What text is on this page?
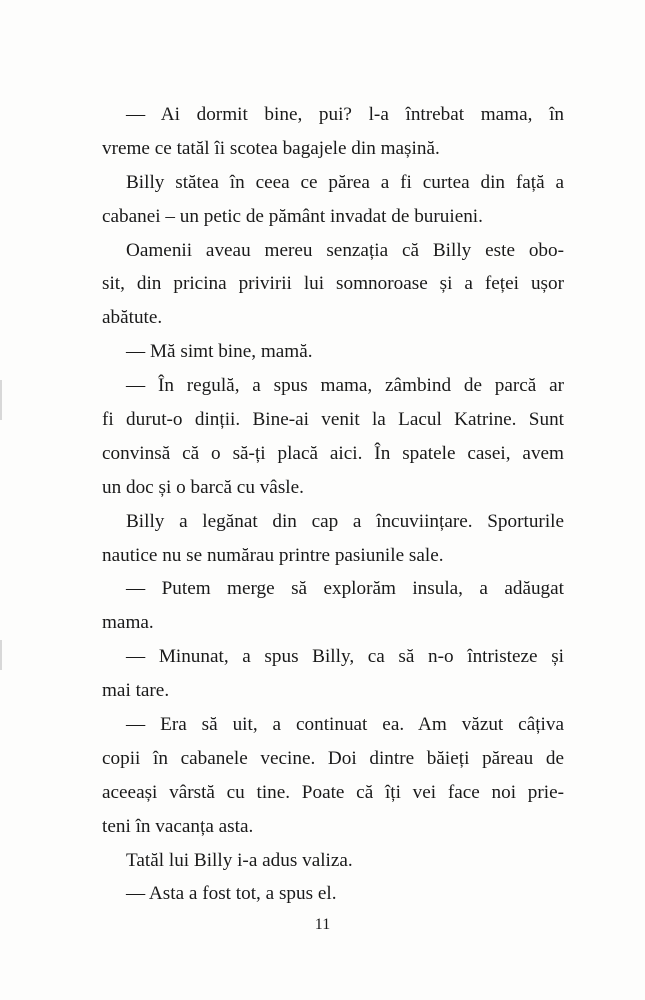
— Ai dormit bine, pui? l-a întrebat mama, în
vreme ce tatăl îi scotea bagajele din mașină.
Billy stătea în ceea ce părea a fi curtea din față a
cabanei – un petic de pământ invadat de buruieni.
Oamenii aveau mereu senzația că Billy este obo-
sit, din pricina privirii lui somnoroase și a feței ușor
abătute.
— Mă simt bine, mamă.
— În regulă, a spus mama, zâmbind de parcă ar
fi durut-o dinții. Bine-ai venit la Lacul Katrine. Sunt
convinsă că o să-ți placă aici. În spatele casei, avem
un doc și o barcă cu vâsle.
Billy a legănat din cap a încuviințare. Sporturile
nautice nu se numărau printre pasiunile sale.
— Putem merge să explorăm insula, a adăugat
mama.
— Minunat, a spus Billy, ca să n-o întristeze și
mai tare.
— Era să uit, a continuat ea. Am văzut câțiva
copii în cabanele vecine. Doi dintre băieți păreau de
aceeași vârstă cu tine. Poate că îți vei face noi prie-
teni în vacanța asta.
Tatăl lui Billy i-a adus valiza.
— Asta a fost tot, a spus el.
11
